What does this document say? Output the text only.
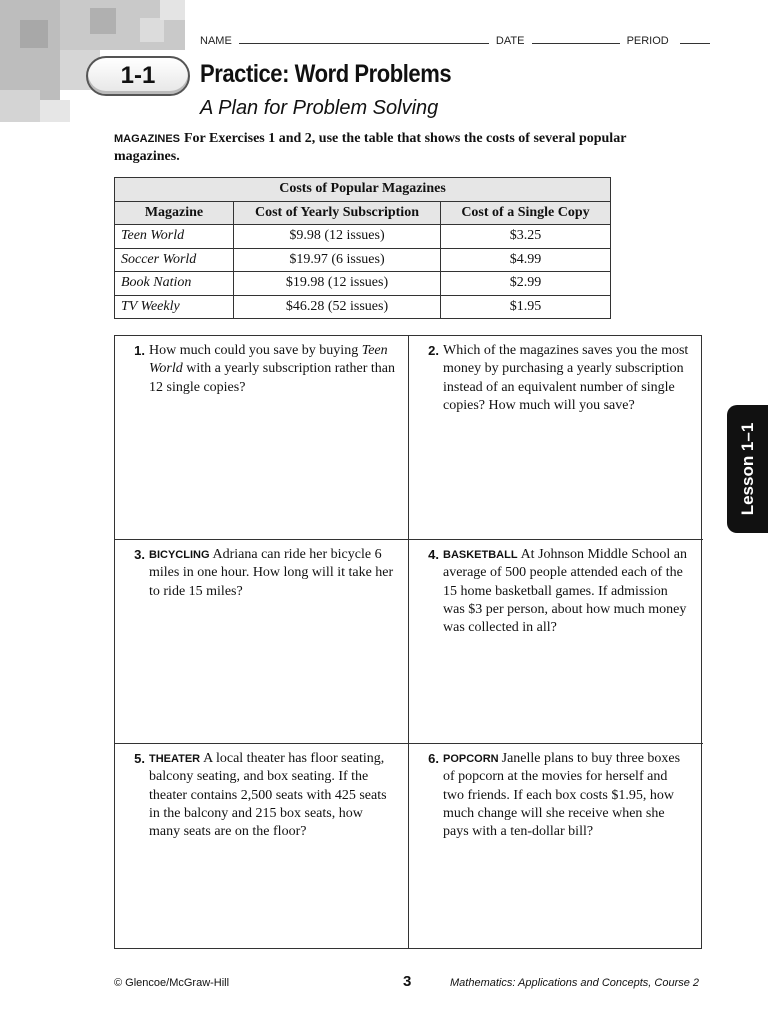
NAME	DATE	PERIOD
1-1	Practice: Word Problems
A Plan for Problem Solving
MAGAZINES For Exercises 1 and 2, use the table that shows the costs of several popular magazines.
Costs of Popular Magazines		
Magazine	Cost of Yearly Subscription	Cost of a Single Copy
Teen World	$9.98 (12 issues)	$3.25
Soccer World	$19.97 (6 issues)	$4.99
Book Nation	$19.98 (12 issues)	$2.99
TV Weekly	$46.28 (52 issues)	$1.95
1. How much could you save by buying Teen World with a yearly subscription rather than 12 single copies?
2. Which of the magazines saves you the most money by purchasing a yearly subscription instead of an equivalent number of single copies? How much will you save?
3. BICYCLING Adriana can ride her bicycle 6 miles in one hour. How long will it take her to ride 15 miles?
4. BASKETBALL At Johnson Middle School an average of 500 people attended each of the 15 home basketball games. If admission was $3 per person, about how much money was collected in all?
5. THEATER A local theater has floor seating, balcony seating, and box seating. If the theater contains 2,500 seats with 425 seats in the balcony and 215 box seats, how many seats are on the floor?
6. POPCORN Janelle plans to buy three boxes of popcorn at the movies for herself and two friends. If each box costs $1.95, how much change will she receive when she pays with a ten-dollar bill?
Lesson 1–1
© Glencoe/McGraw-Hill	3	Mathematics: Applications and Concepts, Course 2
